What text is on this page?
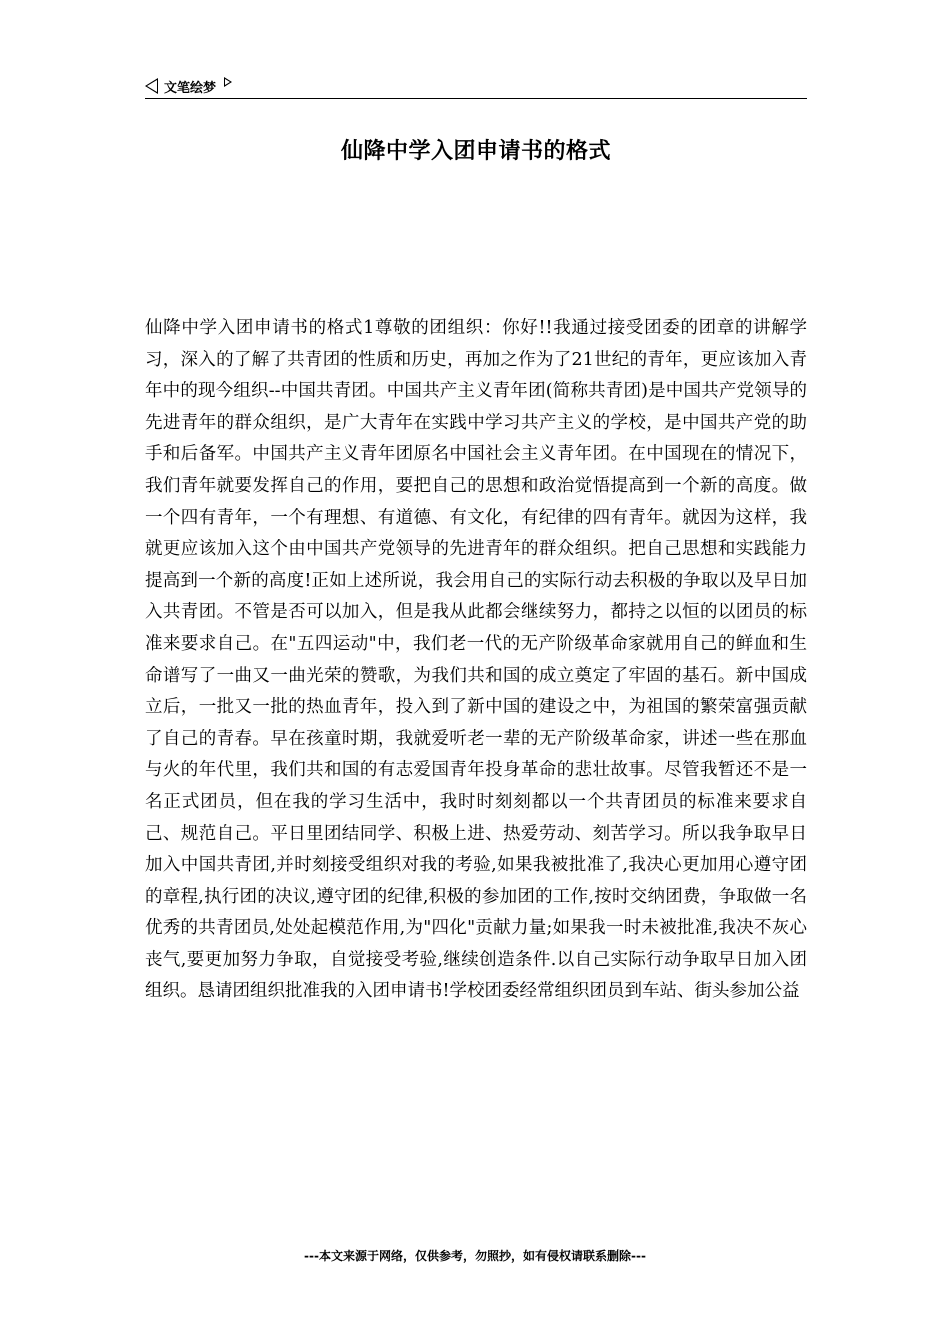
文笔绘梦
仙降中学入团申请书的格式

仙降中学入团申请书的格式1尊敬的团组织：你好!!我通过接受团委的团章的讲解学习，深入的了解了共青团的性质和历史，再加之作为了21世纪的青年，更应该加入青年中的现今组织--中国共青团。中国共产主义青年团(简称共青团)是中国共产党领导的先进青年的群众组织，是广大青年在实践中学习共产主义的学校，是中国共产党的助手和后备军。中国共产主义青年团原名中国社会主义青年团。在中国现在的情况下，我们青年就要发挥自己的作用，要把自己的思想和政治觉悟提高到一个新的高度。做一个四有青年，一个有理想、有道德、有文化，有纪律的四有青年。就因为这样，我就更应该加入这个由中国共产党领导的先进青年的群众组织。把自己思想和实践能力提高到一个新的高度!正如上述所说，我会用自己的实际行动去积极的争取以及早日加入共青团。不管是否可以加入，但是我从此都会继续努力，都持之以恒的以团员的标准来要求自己。在"五四运动"中，我们老一代的无产阶级革命家就用自己的鲜血和生命谱写了一曲又一曲光荣的赞歌，为我们共和国的成立奠定了牢固的基石。新中国成立后，一批又一批的热血青年，投入到了新中国的建设之中，为祖国的繁荣富强贡献了自己的青春。早在孩童时期，我就爱听老一辈的无产阶级革命家，讲述一些在那血与火的年代里，我们共和国的有志爱国青年投身革命的悲壮故事。尽管我暂还不是一名正式团员，但在我的学习生活中，我时时刻刻都以一个共青团员的标准来要求自己、规范自己。平日里团结同学、积极上进、热爱劳动、刻苦学习。所以我争取早日加入中国共青团,并时刻接受组织对我的考验,如果我被批准了,我决心更加用心遵守团的章程,执行团的决议,遵守团的纪律,积极的参加团的工作,按时交纳团费，争取做一名优秀的共青团员,处处起模范作用,为"四化"贡献力量;如果我一时未被批准,我决不灰心丧气,要更加努力争取，自觉接受考验,继续创造条件.以自己实际行动争取早日加入团组织。恳请团组织批准我的入团申请书!学校团委经常组织团员到车站、街头参加公益

---本文来源于网络，仅供参考，勿照抄，如有侵权请联系删除---
